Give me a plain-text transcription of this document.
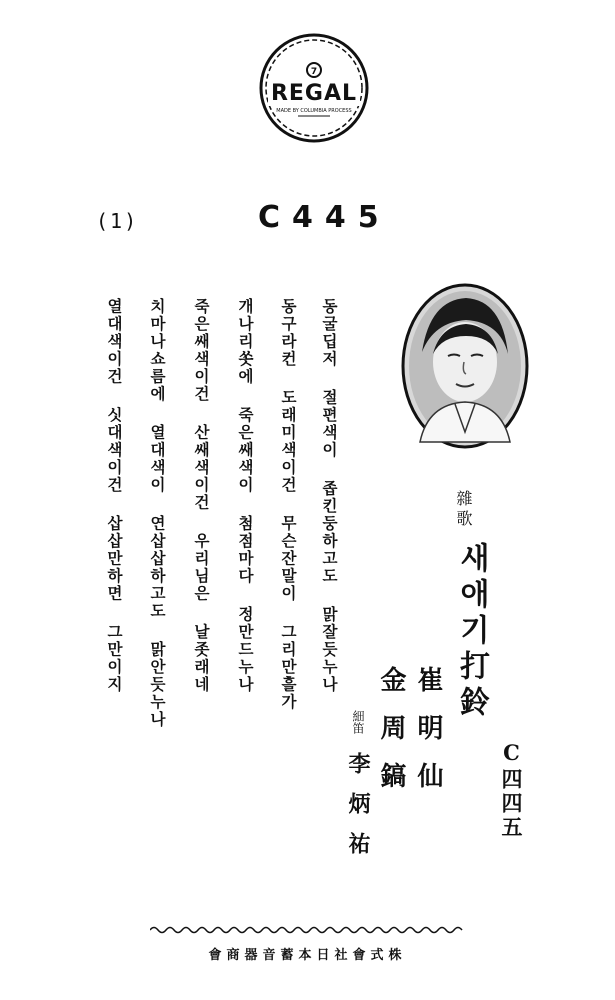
7
REGAL
MADE BY COLUMBIA PROCESS
(1)	C445
동굴딥저 절편색이 좁킨둥하고도 맑잘듯누나
동구라컨 도래미색이건 무슨잔말이 그리만흘가
개나리쏫에 죽은쌔색이 첨점마다 정만드누나
죽은쌔색이건 산쌔색이건 우리님은 날좃래네
치마나쇼름에 열대색이 연삽삽하고도 맑안듯누나
열대색이건 싯대색이건 삽삽만하면 그만이지	雜歌
새애기打鈴
崔明仙
金周鎬
細笛
李炳祐	C四四五
株式會社日本蓄音器商會
